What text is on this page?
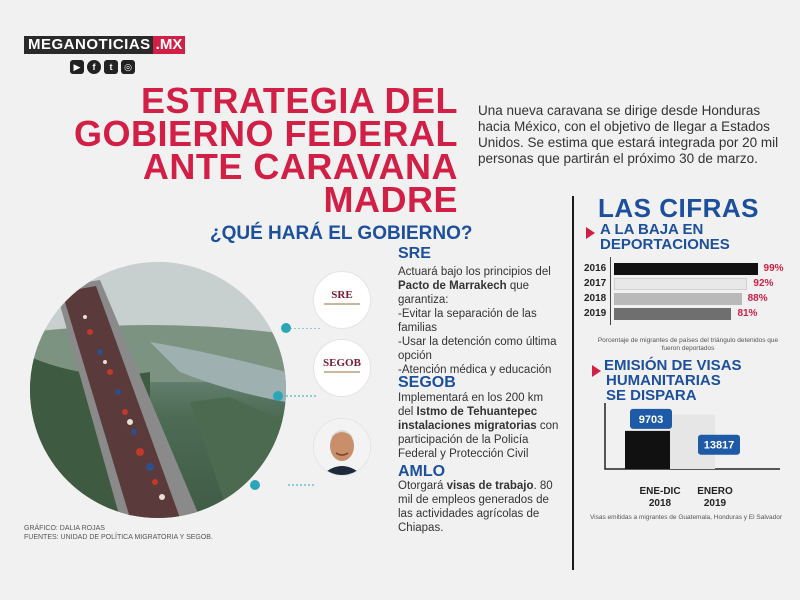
MEGANOTICIAS .MX
▶	f	t	◎
ESTRATEGIA DEL
GOBIERNO FEDERAL
ANTE CARAVANA MADRE
Una nueva caravana se dirige desde Honduras hacia México, con el objetivo de llegar a Estados Unidos. Se estima que estará integrada por 20 mil personas que partirán el próximo 30 de marzo.
¿QUÉ HARÁ EL GOBIERNO?
SRE
SEGOB
SRE
Actuará bajo los principios del Pacto de Marrakech que garantiza:
-Evitar la separación de las familias
-Usar la detención como última opción
-Atención médica y educación
SEGOB
Implementará en los 200 km del Istmo de Tehuantepec instalaciones migratorias con participación de la Policía Federal y Protección Civil
AMLO
Otorgará visas de trabajo. 80 mil de empleos generados de las actividades agrícolas de Chiapas.
GRÁFICO: DALIA ROJAS
FUENTES: UNIDAD DE POLÍTICA MIGRATORIA Y SEGOB.
LAS CIFRAS
A LA BAJA EN
DEPORTACIONES
2016	99%
2017	92%
2018	88%
2019	81%
Porcentaje de migrantes de países del triángulo detenidos que fueron deportados
EMISIÓN DE VISAS
HUMANITARIAS
SE DISPARA
9703
13817
ENE-DIC
2018
ENERO
2019
Visas emitidas a migrantes de Guatemala, Honduras y El Salvador
